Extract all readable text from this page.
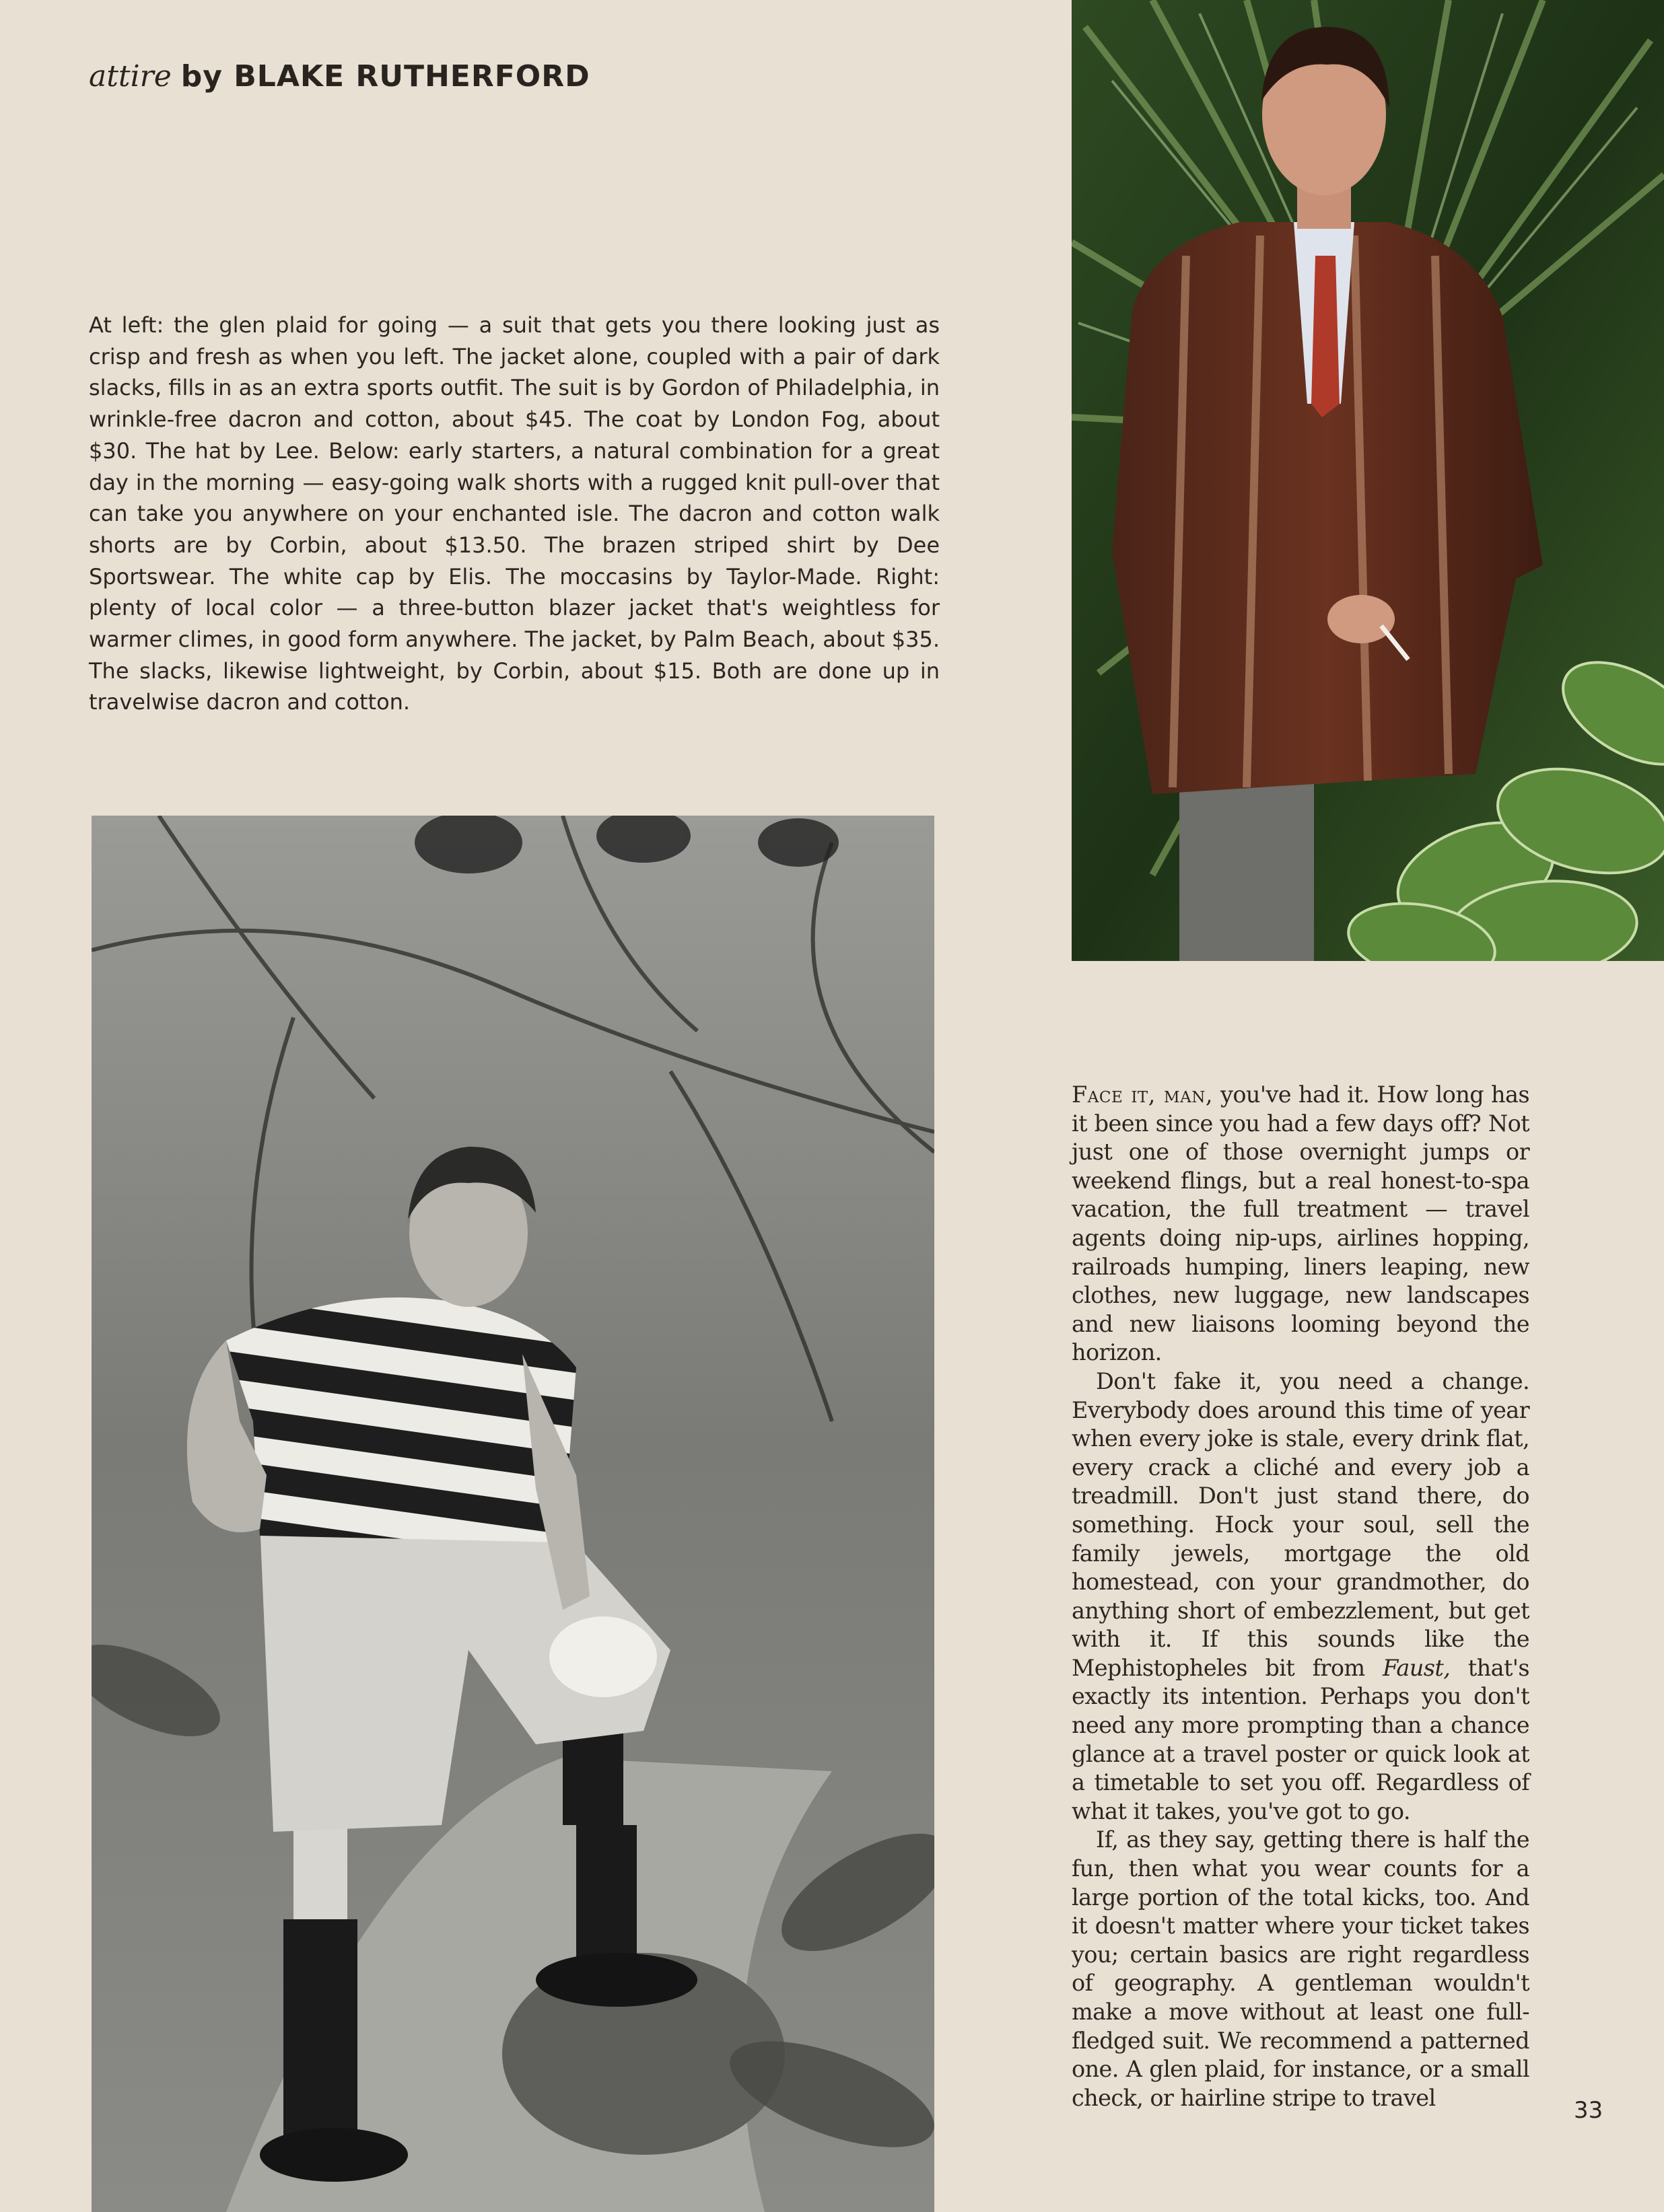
attire by BLAKE RUTHERFORD
At left: the glen plaid for going — a suit that gets you there looking just as crisp and fresh as when you left. The jacket alone, coupled with a pair of dark slacks, fills in as an extra sports outfit. The suit is by Gordon of Philadelphia, in wrinkle-free dacron and cotton, about $45. The coat by London Fog, about $30. The hat by Lee. Below: early starters, a natural combination for a great day in the morning — easy-going walk shorts with a rugged knit pull-over that can take you anywhere on your enchanted isle. The dacron and cotton walk shorts are by Corbin, about $13.50. The brazen striped shirt by Dee Sportswear. The white cap by Elis. The moccasins by Taylor-Made. Right: plenty of local color — a three-button blazer jacket that's weightless for warmer climes, in good form anywhere. The jacket, by Palm Beach, about $35. The slacks, likewise lightweight, by Corbin, about $15. Both are done up in travelwise dacron and cotton.

Face it, man, you've had it. How long has it been since you had a few days off? Not just one of those overnight jumps or weekend flings, but a real honest-to-spa vacation, the full treatment — travel agents doing nip-ups, airlines hopping, railroads humping, liners leaping, new clothes, new luggage, new landscapes and new liaisons looming beyond the horizon.

Don't fake it, you need a change. Everybody does around this time of year when every joke is stale, every drink flat, every crack a cliché and every job a treadmill. Don't just stand there, do something. Hock your soul, sell the family jewels, mortgage the old homestead, con your grandmother, do anything short of embezzlement, but get with it. If this sounds like the Mephistopheles bit from Faust, that's exactly its intention. Perhaps you don't need any more prompting than a chance glance at a travel poster or quick look at a timetable to set you off. Regardless of what it takes, you've got to go.

If, as they say, getting there is half the fun, then what you wear counts for a large portion of the total kicks, too. And it doesn't matter where your ticket takes you; certain basics are right regardless of geography. A gentleman wouldn't make a move without at least one full-fledged suit. We recommend a patterned one. A glen plaid, for instance, or a small check, or hairline stripe to travel	33
